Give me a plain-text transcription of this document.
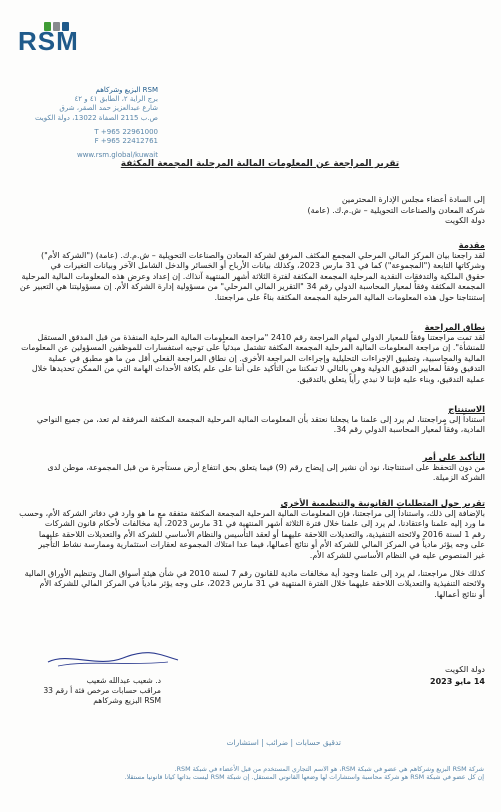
RSM
RSM البزيع وشركاهم
برج الراية ٢، الطابق ٤١ و ٤٢
شارع عبدالعزيز حمد الصقر، شرق
ص.ب 2115 الصفاة 13022، دولة الكويت
T +965 22961000
F +965 22412761
www.rsm.global/kuwait
تقرير المراجعة عن المعلومات المالية المرحلية المجمعة المكثفة
إلى السادة أعضاء مجلس الإدارة المحترمين
شركة المعادن والصناعات التحويلية – ش.م.ك. (عامة)
دولة الكويت
مقدمة
لقد راجعنا بيان المركز المالي المرحلي المجمع المكثف المرفق لشركة المعادن والصناعات التحويلية – ش.م.ك. (عامة) ("الشركة الأم")
وشركاتها التابعة ("المجموعة") كما في 31 مارس 2023، وكذلك بيانات الأرباح أو الخسائر والدخل الشامل الآخر وبيانات التغيرات في
حقوق الملكية والتدفقات النقدية المرحلية المجمعة المكثفة لفترة الثلاثة أشهر المنتهية آنذاك. إن إعداد وعرض هذه المعلومات المالية المرحلية
المجمعة المكثفة وفقاً لمعيار المحاسبة الدولي رقم 34 "التقرير المالي المرحلي" من مسؤولية إدارة الشركة الأم. إن مسؤوليتنا هي التعبير عن
إستنتاجنا حول هذه المعلومات المالية المرحلية المجمعة المكثفة بناءً على مراجعتنا.
نطاق المراجعة
لقد تمت مراجعتنا وفقاً للمعيار الدولي لمهام المراجعة رقم 2410 "مراجعة المعلومات المالية المرحلية المنفذة من قبل المدقق المستقل
للمنشأة". إن مراجعة المعلومات المالية المرحلية المجمعة المكثفة تشتمل مبدئياً على توجيه استفسارات للموظفين المسؤولين عن المعلومات
المالية والمحاسبية، وتطبيق الإجراءات التحليلية وإجراءات المراجعة الأخرى. إن نطاق المراجعة الفعلي أقل من ما هو مطبق في عملية
التدقيق وفقاً لمعايير التدقيق الدولية وهي بالتالي لا تمكننا من التأكيد على أننا على علم بكافة الأحداث الهامة التي من الممكن تحديدها خلال
عملية التدقيق، وبناء عليه فإننا لا نبدي رأياً يتعلق بالتدقيق.
الاستنتاج
استناداً إلى مراجعتنا، لم يرد إلى علمنا ما يجعلنا نعتقد بأن المعلومات المالية المرحلية المجمعة المكثفة المرفقة لم تعد، من جميع النواحي
المادية، وفقاً لمعيار المحاسبة الدولي رقم 34.
التأكيد على أمر
من دون التحفظ على استنتاجنا، نود أن نشير إلى إيضاح رقم (9) فيما يتعلق بحق انتفاع أرض مستأجرة من قبل المجموعة، موطن لدى
الشركة الزميلة.
تقرير حول المتطلبات القانونية والتنظيمية الأخرى
بالإضافة إلى ذلك، واستناداً إلى مراجعتنا، فإن المعلومات المالية المرحلية المجمعة المكثفة متفقة مع ما هو وارد في دفاتر الشركة الأم، وحسب
ما ورد إليه علمنا واعتقادنا، لم يرد إلى علمنا خلال فترة الثلاثة أشهر المنتهية في 31 مارس 2023، أية مخالفات لأحكام قانون الشركات
رقم 1 لسنة 2016 ولائحته التنفيذية، والتعديلات اللاحقة عليهما أو لعقد التأسيس والنظام الأساسي للشركة الأم والتعديلات اللاحقة عليهما
على وجه يؤثر مادياً في المركز المالي للشركة الأم أو نتائج أعمالها، فيما عدا امتلاك المجموعة لعقارات استثمارية وممارسة نشاط التأجير
غير المنصوص عليه في النظام الأساسي للشركة الأم.
كذلك خلال مراجعتنا، لم يرد إلى علمنا وجود أية مخالفات مادية للقانون رقم 7 لسنة 2010 في شأن هيئة أسواق المال وتنظيم الأوراق المالية
ولائحته التنفيذية والتعديلات اللاحقة عليهما خلال الفترة المنتهية في 31 مارس 2023، على وجه يؤثر مادياً في المركز المالي للشركة الأم
أو نتائج أعمالها.
د. شعيب عبدالله شعيب
مراقب حسابات مرخص فئة أ رقم 33
RSM البزيع وشركاهم
دولة الكويت
14 مايو 2023
تدقيق حسابات | ضرائب | استشارات
شركة RSM البزيع وشركاهم هي عضو في شبكة RSM، هو الاسم التجاري المستخدم من قبل الأعضاء في شبكة RSM.
إن كل عضو في شبكة RSM هو شركة محاسبة واستشارات لها وضعها القانوني المستقل. إن شبكة RSM ليست بذاتها كيانا قانونيا مستقلا.
